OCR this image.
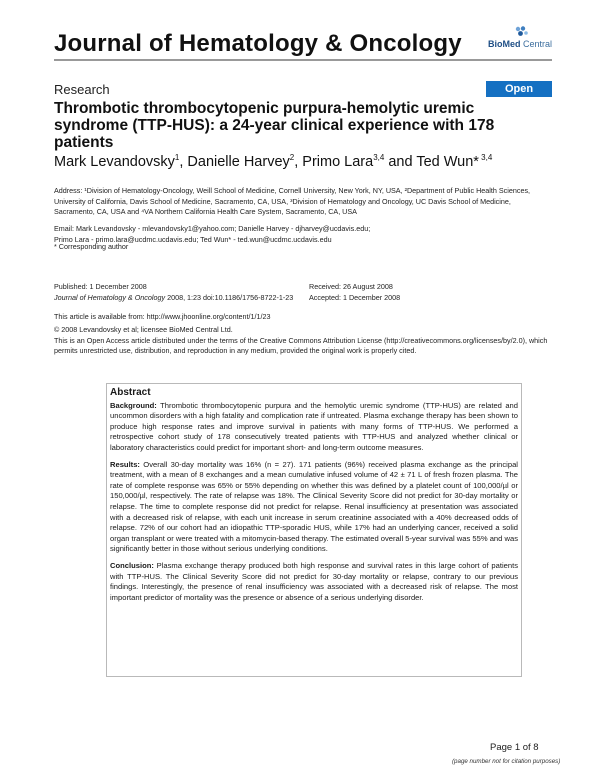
Journal of Hematology & Oncology	BioMed Central
Research	Open Access
Thrombotic thrombocytopenic purpura-hemolytic uremic syndrome (TTP-HUS): a 24-year clinical experience with 178 patients
Mark Levandovsky$^1$, Danielle Harvey$^2$, Primo Lara$^{3,4}$ and Ted Wun* $^{3,4}$
Address: ¹Division of Hematology-Oncology, Weill School of Medicine, Cornell University, New York, NY, USA, ²Department of Public Health Sciences, University of California, Davis School of Medicine, Sacramento, CA, USA, ³Division of Hematology and Oncology, UC Davis School of Medicine, Sacramento, CA, USA and ⁴VA Northern California Health Care System, Sacramento, CA, USA
Email: Mark Levandovsky - mlevandovsky1@yahoo.com; Danielle Harvey - djharvey@ucdavis.edu;
Primo Lara - primo.lara@ucdmc.ucdavis.edu; Ted Wun* - ted.wun@ucdmc.ucdavis.edu
* Corresponding author
Published: 1 December 2008
Journal of Hematology & Oncology 2008, 1:23 doi:10.1186/1756-8722-1-23
Received: 26 August 2008
Accepted: 1 December 2008
This article is available from: http://www.jhoonline.org/content/1/1/23
© 2008 Levandovsky et al; licensee BioMed Central Ltd.
This is an Open Access article distributed under the terms of the Creative Commons Attribution License (http://creativecommons.org/licenses/by/2.0), which permits unrestricted use, distribution, and reproduction in any medium, provided the original work is properly cited.
Abstract

Background: Thrombotic thrombocytopenic purpura and the hemolytic uremic syndrome (TTP-HUS) are related and uncommon disorders with a high fatality and complication rate if untreated. Plasma exchange therapy has been shown to produce high response rates and improve survival in patients with many forms of TTP-HUS. We performed a retrospective cohort study of 178 consecutively treated patients with TTP-HUS and analyzed whether clinical or laboratory characteristics could predict for important short- and long-term outcome measures.

Results: Overall 30-day mortality was 16% (n = 27). 171 patients (96%) received plasma exchange as the principal treatment, with a mean of 8 exchanges and a mean cumulative infused volume of 42 ± 71 L of fresh frozen plasma. The rate of complete response was 65% or 55% depending on whether this was defined by a platelet count of 100,000/µl or 150,000/µl, respectively. The rate of relapse was 18%. The Clinical Severity Score did not predict for 30-day mortality or relapse. The time to complete response did not predict for relapse. Renal insufficiency at presentation was associated with a decreased risk of relapse, with each unit increase in serum creatinine associated with a 40% decreased odds of relapse. 72% of our cohort had an idiopathic TTP-sporadic HUS, while 17% had an underlying cancer, received a solid organ transplant or were treated with a mitomycin-based therapy. The estimated overall 5-year survival was 55% and was significantly better in those without serious underlying conditions.

Conclusion: Plasma exchange therapy produced both high response and survival rates in this large cohort of patients with TTP-HUS. The Clinical Severity Score did not predict for 30-day mortality or relapse, contrary to our previous findings. Interestingly, the presence of renal insufficiency was associated with a decreased risk of relapse. The most important predictor of mortality was the presence or absence of a serious underlying disorder.

Page 1 of 8
(page number not for citation purposes)
